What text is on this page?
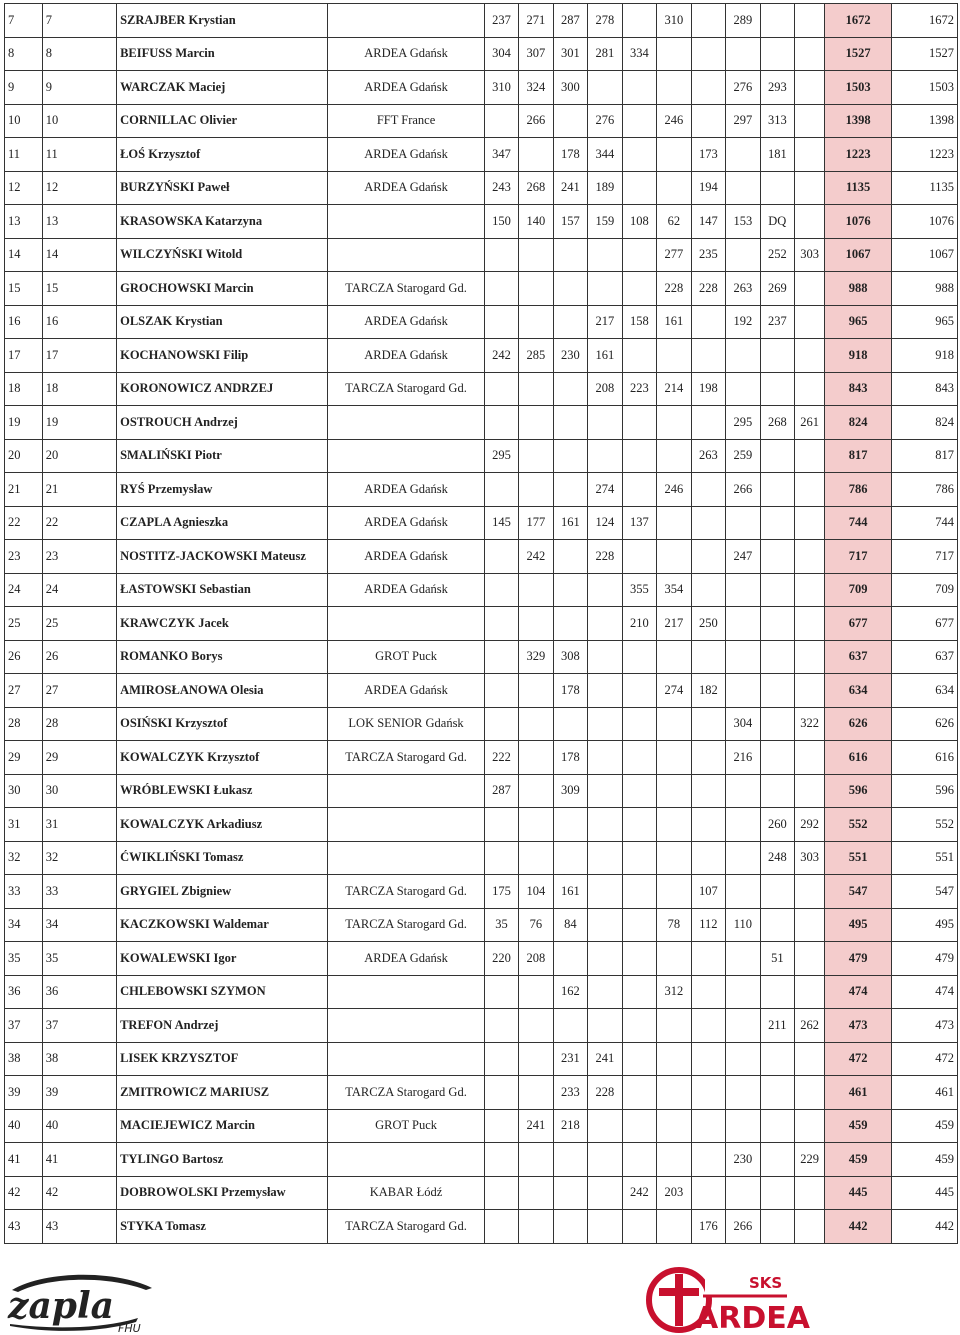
7	7	SZRAJBER Krystian		237	271	287	278		310		289			1672	1672
8	8	BEIFUSS Marcin	ARDEA Gdańsk	304	307	301	281	334						1527	1527
9	9	WARCZAK Maciej	ARDEA Gdańsk	310	324	300					276	293		1503	1503
10	10	CORNILLAC Olivier	FFT France		266		276		246		297	313		1398	1398
11	11	ŁOŚ Krzysztof	ARDEA Gdańsk	347		178	344			173		181		1223	1223
12	12	BURZYŃSKI Paweł	ARDEA Gdańsk	243	268	241	189			194				1135	1135
13	13	KRASOWSKA Katarzyna		150	140	157	159	108	62	147	153	DQ		1076	1076
14	14	WILCZYŃSKI Witold							277	235		252	303	1067	1067
15	15	GROCHOWSKI Marcin	TARCZA Starogard Gd.						228	228	263	269		988	988
16	16	OLSZAK Krystian	ARDEA Gdańsk				217	158	161		192	237		965	965
17	17	KOCHANOWSKI Filip	ARDEA Gdańsk	242	285	230	161							918	918
18	18	KORONOWICZ ANDRZEJ	TARCZA Starogard Gd.				208	223	214	198				843	843
19	19	OSTROUCH Andrzej									295	268	261	824	824
20	20	SMALIŃSKI Piotr		295						263	259			817	817
21	21	RYŚ Przemysław	ARDEA Gdańsk				274		246		266			786	786
22	22	CZAPLA Agnieszka	ARDEA Gdańsk	145	177	161	124	137						744	744
23	23	NOSTITZ-JACKOWSKI Mateusz	ARDEA Gdańsk		242		228				247			717	717
24	24	ŁASTOWSKI Sebastian	ARDEA Gdańsk					355	354					709	709
25	25	KRAWCZYK Jacek						210	217	250				677	677
26	26	ROMANKO Borys	GROT Puck		329	308								637	637
27	27	AMIROSŁANOWA Olesia	ARDEA Gdańsk			178			274	182				634	634
28	28	OSIŃSKI Krzysztof	LOK SENIOR Gdańsk								304		322	626	626
29	29	KOWALCZYK Krzysztof	TARCZA Starogard Gd.	222		178					216			616	616
30	30	WRÓBLEWSKI Łukasz		287		309								596	596
31	31	KOWALCZYK Arkadiusz										260	292	552	552
32	32	ĆWIKLIŃSKI Tomasz										248	303	551	551
33	33	GRYGIEL Zbigniew	TARCZA Starogard Gd.	175	104	161				107				547	547
34	34	KACZKOWSKI Waldemar	TARCZA Starogard Gd.	35	76	84			78	112	110			495	495
35	35	KOWALEWSKI Igor	ARDEA Gdańsk	220	208							51		479	479
36	36	CHLEBOWSKI SZYMON				162			312					474	474
37	37	TREFON Andrzej										211	262	473	473
38	38	LISEK KRZYSZTOF				231	241							472	472
39	39	ZMITROWICZ MARIUSZ	TARCZA Starogard Gd.			233	228							461	461
40	40	MACIEJEWICZ Marcin	GROT Puck		241	218								459	459
41	41	TYLINGO Bartosz									230		229	459	459
42	42	DOBROWOLSKI Przemysław	KABAR Łódź					242	203					445	445
43	43	STYKA Tomasz	TARCZA Starogard Gd.							176	266			442	442
zapla
FHU
SKS
ARDEA
